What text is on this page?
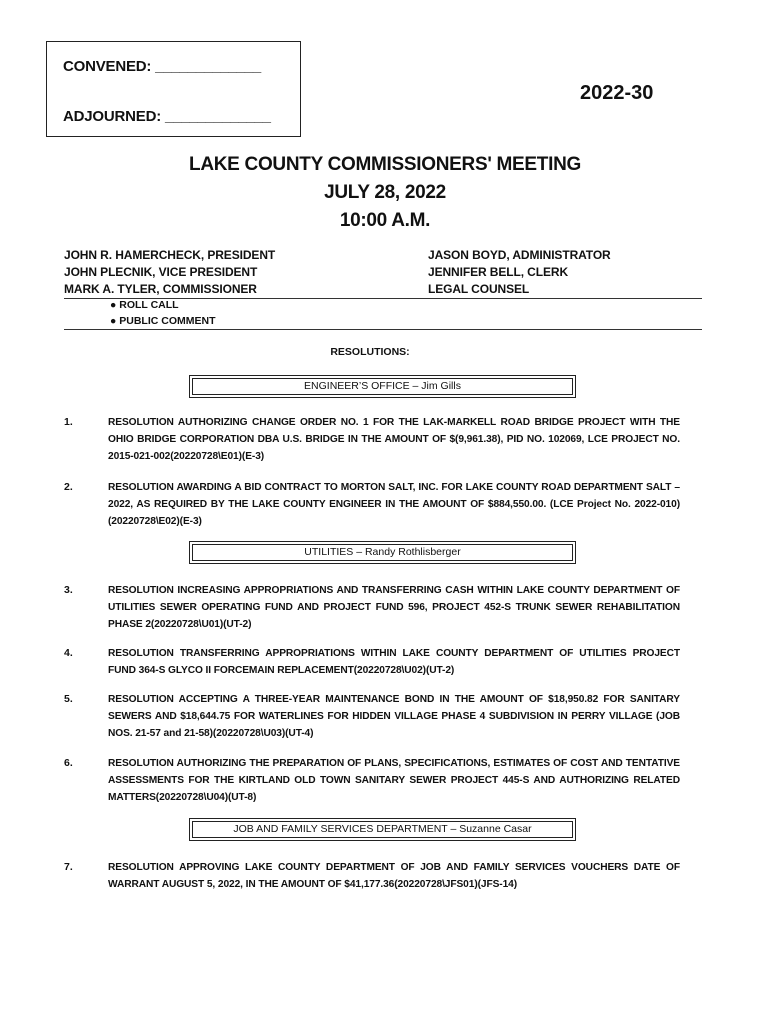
CONVENED: _____________
ADJOURNED: _____________
2022-30
LAKE COUNTY COMMISSIONERS' MEETING
JULY 28, 2022
10:00 A.M.
JOHN R. HAMERCHECK, PRESIDENT
JOHN PLECNIK, VICE PRESIDENT
MARK A. TYLER, COMMISSIONER
JASON BOYD, ADMINISTRATOR
JENNIFER BELL, CLERK
LEGAL COUNSEL
● ROLL CALL
● PUBLIC COMMENT
RESOLUTIONS:
ENGINEER’S OFFICE – Jim Gills
1.	RESOLUTION AUTHORIZING CHANGE ORDER NO. 1 FOR THE LAK-MARKELL ROAD BRIDGE PROJECT WITH THE OHIO BRIDGE CORPORATION DBA U.S. BRIDGE IN THE AMOUNT OF $(9,961.38), PID NO. 102069, LCE PROJECT NO. 2015-021-002(20220728\E01)(E-3)
2.	RESOLUTION AWARDING A BID CONTRACT TO MORTON SALT, INC. FOR LAKE COUNTY ROAD DEPARTMENT SALT – 2022, AS REQUIRED BY THE LAKE COUNTY ENGINEER IN THE AMOUNT OF $884,550.00. (LCE Project No. 2022-010)(20220728\E02)(E-3)
UTILITIES – Randy Rothlisberger
3.	RESOLUTION INCREASING APPROPRIATIONS AND TRANSFERRING CASH WITHIN LAKE COUNTY DEPARTMENT OF UTILITIES SEWER OPERATING FUND AND PROJECT FUND 596, PROJECT 452-S TRUNK SEWER REHABILITATION PHASE 2(20220728\U01)(UT-2)
4.	RESOLUTION TRANSFERRING APPROPRIATIONS WITHIN LAKE COUNTY DEPARTMENT OF UTILITIES PROJECT FUND 364-S GLYCO II FORCEMAIN REPLACEMENT(20220728\U02)(UT-2)
5.	RESOLUTION ACCEPTING A THREE-YEAR MAINTENANCE BOND IN THE AMOUNT OF $18,950.82 FOR SANITARY SEWERS AND $18,644.75 FOR WATERLINES FOR HIDDEN VILLAGE PHASE 4 SUBDIVISION IN PERRY VILLAGE (JOB NOS. 21-57 and 21-58)(20220728\U03)(UT-4)
6.	RESOLUTION AUTHORIZING THE PREPARATION OF PLANS, SPECIFICATIONS, ESTIMATES OF COST AND TENTATIVE ASSESSMENTS FOR THE KIRTLAND OLD TOWN SANITARY SEWER PROJECT 445-S AND AUTHORIZING RELATED MATTERS(20220728\U04)(UT-8)
JOB AND FAMILY SERVICES DEPARTMENT – Suzanne Casar
7.	RESOLUTION APPROVING LAKE COUNTY DEPARTMENT OF JOB AND FAMILY SERVICES VOUCHERS DATE OF WARRANT AUGUST 5, 2022, IN THE AMOUNT OF $41,177.36(20220728\JFS01)(JFS-14)
